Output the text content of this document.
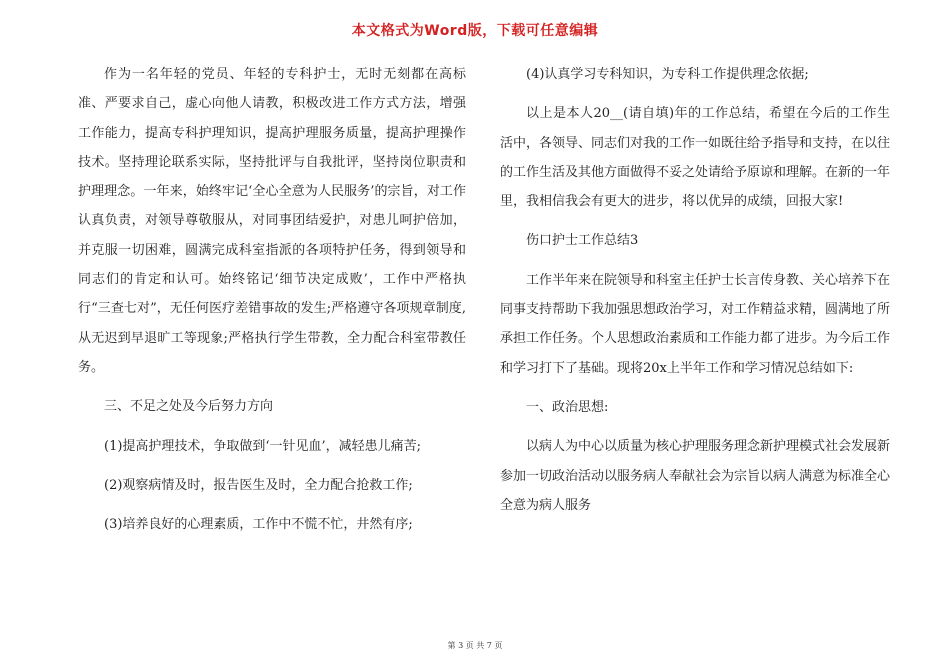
本文格式为Word版，下载可任意编辑

作为一名年轻的党员、年轻的专科护士，无时无刻都在高标准、严要求自己，虚心向他人请教，积极改进工作方式方法，增强工作能力，提高专科护理知识，提高护理服务质量，提高护理操作技术。坚持理论联系实际，坚持批评与自我批评，坚持岗位职责和护理理念。一年来，始终牢记‘全心全意为人民服务’的宗旨，对工作认真负责，对领导尊敬服从，对同事团结爱护，对患儿呵护倍加，并克服一切困难，圆满完成科室指派的各项特护任务，得到领导和同志们的肯定和认可。始终铭记‘细节决定成败’，工作中严格执行“三查七对”，无任何医疗差错事故的发生;严格遵守各项规章制度,从无迟到早退旷工等现象;严格执行学生带教，全力配合科室带教任务。

三、不足之处及今后努力方向

(1)提高护理技术，争取做到‘一针见血’，减轻患儿痛苦;

(2)观察病情及时，报告医生及时，全力配合抢救工作;

(3)培养良好的心理素质，工作中不慌不忙，井然有序;

(4)认真学习专科知识，为专科工作提供理念依据;

以上是本人20__(请自填)年的工作总结，希望在今后的工作生活中，各领导、同志们对我的工作一如既往给予指导和支持，在以往的工作生活及其他方面做得不妥之处请给予原谅和理解。在新的一年里，我相信我会有更大的进步，将以优异的成绩，回报大家!

伤口护士工作总结3

工作半年来在院领导和科室主任护士长言传身教、关心培养下在同事支持帮助下我加强思想政治学习，对工作精益求精，圆满地了所承担工作任务。个人思想政治素质和工作能力都了进步。为今后工作和学习打下了基础。现将20x上半年工作和学习情况总结如下:

一、政治思想:

以病人为中心以质量为核心护理服务理念新护理模式社会发展新参加一切政治活动以服务病人奉献社会为宗旨以病人满意为标准全心全意为病人服务

第 3 页 共 7 页
